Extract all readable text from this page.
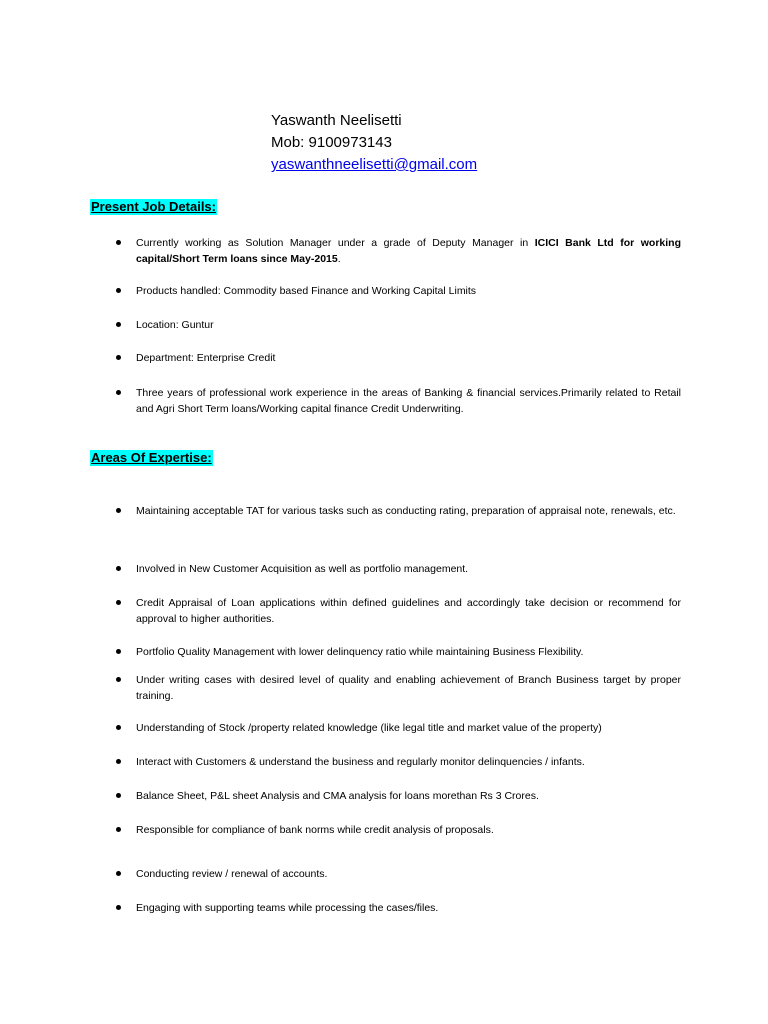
Yaswanth Neelisetti
Mob: 9100973143
yaswanthneelisetti@gmail.com
Present Job Details:
Currently working as Solution Manager under a grade of Deputy Manager in ICICI Bank Ltd for working capital/Short Term loans since May-2015.
Products handled: Commodity based Finance and Working Capital Limits
Location: Guntur
Department: Enterprise Credit
Three years of professional work experience in the areas of Banking & financial services.Primarily related to Retail and Agri Short Term loans/Working capital finance Credit Underwriting.
Areas Of Expertise:
Maintaining acceptable TAT for various tasks such as conducting rating, preparation of appraisal note, renewals, etc.
Involved in New Customer Acquisition as well as portfolio management.
Credit Appraisal of Loan applications within defined guidelines and accordingly take decision or recommend for approval to higher authorities.
Portfolio Quality Management with lower delinquency ratio while maintaining Business Flexibility.
Under writing cases with desired level of quality and enabling achievement of Branch Business target by proper training.
Understanding of Stock /property related knowledge (like legal title and market value of the property)
Interact with Customers & understand the business and regularly monitor delinquencies / infants.
Balance Sheet, P&L sheet Analysis and CMA analysis for loans morethan Rs 3 Crores.
Responsible for compliance of bank norms while credit analysis of proposals.
Conducting review / renewal of accounts.
Engaging with supporting teams while processing the cases/files.
